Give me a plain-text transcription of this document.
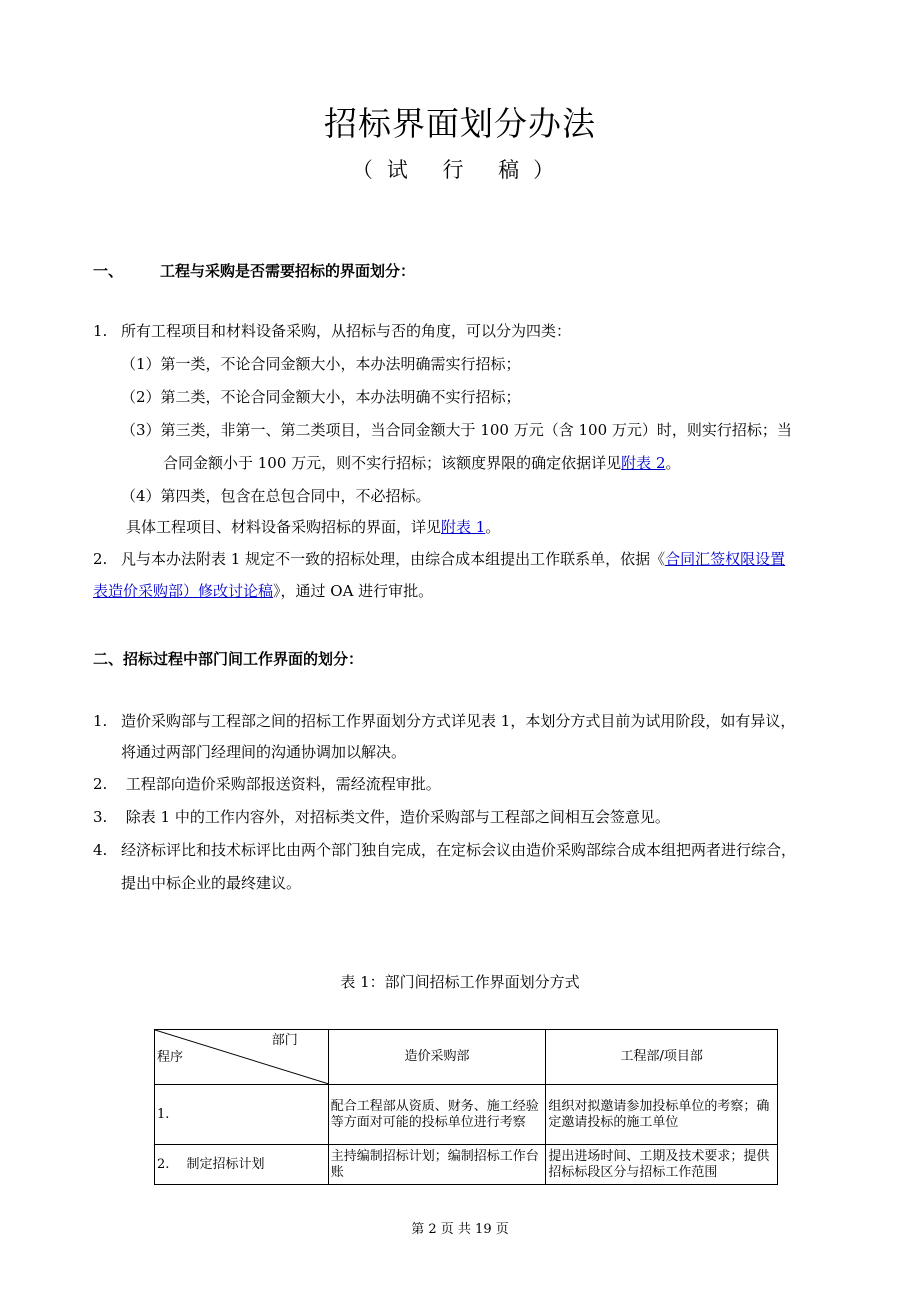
招标界面划分办法
（试 行 稿）
一、 工程与采购是否需要招标的界面划分：
1. 所有工程项目和材料设备采购，从招标与否的角度，可以分为四类：
（1）第一类，不论合同金额大小，本办法明确需实行招标；
（2）第二类，不论合同金额大小，本办法明确不实行招标；
（3）第三类，非第一、第二类项目，当合同金额大于 100 万元（含 100 万元）时，则实行招标；当
合同金额小于 100 万元，则不实行招标；该额度界限的确定依据详见附表 2。
（4）第四类，包含在总包合同中，不必招标。
具体工程项目、材料设备采购招标的界面，详见附表 1。
2. 凡与本办法附表 1 规定不一致的招标处理，由综合成本组提出工作联系单，依据《合同汇签权限设置
表造价采购部）修改讨论稿》，通过 OA 进行审批。
二、招标过程中部门间工作界面的划分：
1. 造价采购部与工程部之间的招标工作界面划分方式详见表 1，本划分方式目前为试用阶段，如有异议，
将通过两部门经理间的沟通协调加以解决。
2. 工程部向造价采购部报送资料，需经流程审批。
3. 除表 1 中的工作内容外，对招标类文件，造价采购部与工程部之间相互会签意见。
4. 经济标评比和技术标评比由两个部门独自完成，在定标会议由造价采购部综合成本组把两者进行综合，
提出中标企业的最终建议。
表 1：部门间招标工作界面划分方式
部门
程序	造价采购部	工程部/项目部
1.	配合工程部从资质、财务、施工经验等方面对可能的投标单位进行考察	组织对拟邀请参加投标单位的考察；确定邀请投标的施工单位
2.　 制定招标计划	主持编制招标计划；编制招标工作台账	提出进场时间、工期及技术要求；提供招标标段区分与招标工作范围
第 2 页 共 19 页
